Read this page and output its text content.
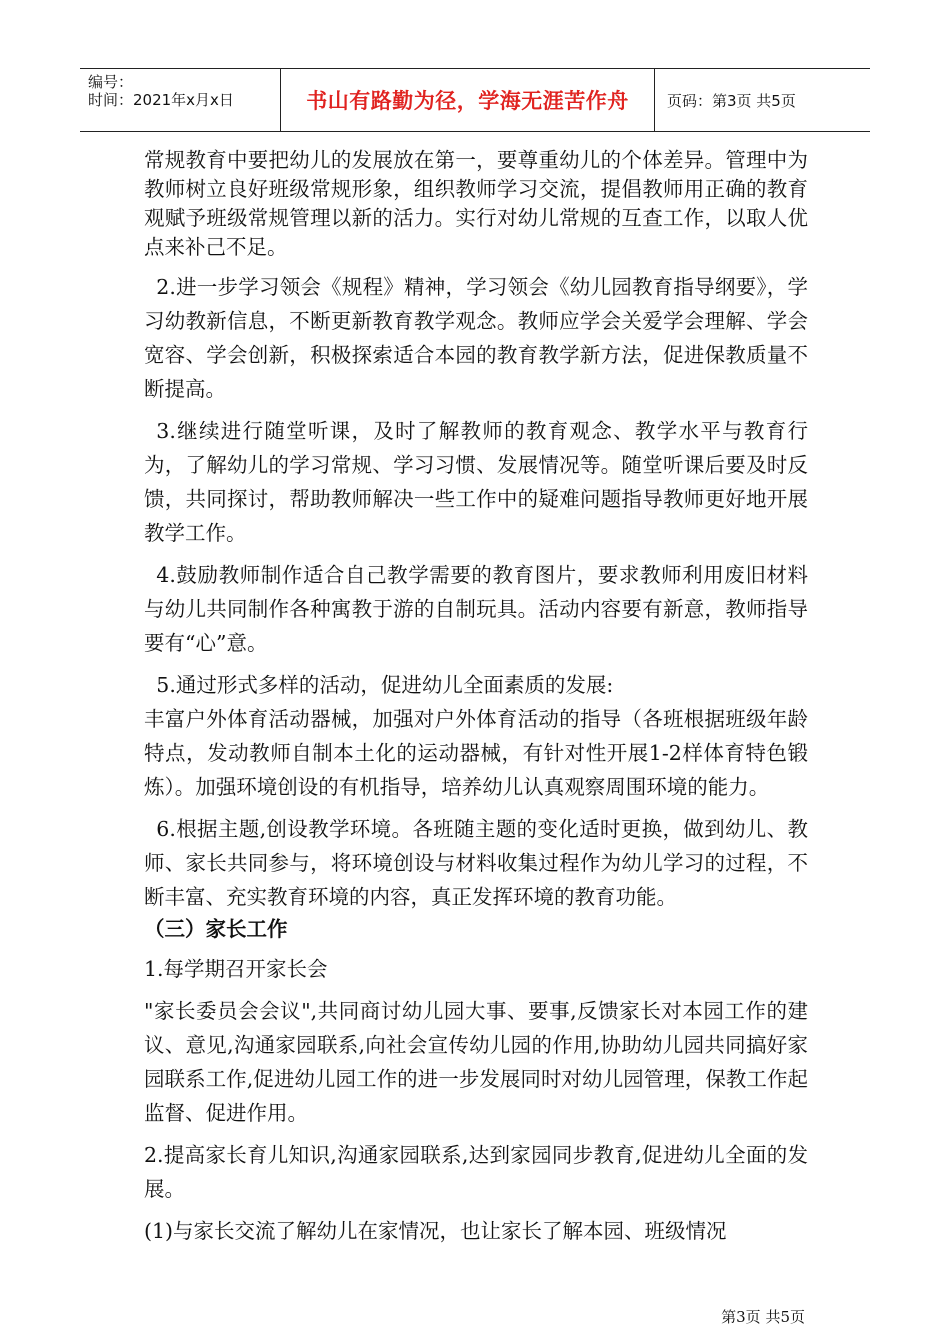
编号：
时间：2021年x月x日	书山有路勤为径，学海无涯苦作舟	页码：第3页 共5页

常规教育中要把幼儿的发展放在第一，要尊重幼儿的个体差异。管理中为教师树立良好班级常规形象，组织教师学习交流，提倡教师用正确的教育观赋予班级常规管理以新的活力。实行对幼儿常规的互查工作，以取人优点来补己不足。

2.进一步学习领会《规程》精神，学习领会《幼儿园教育指导纲要》，学习幼教新信息，不断更新教育教学观念。教师应学会关爱学会理解、学会宽容、学会创新，积极探索适合本园的教育教学新方法，促进保教质量不断提高。

3.继续进行随堂听课，及时了解教师的教育观念、教学水平与教育行为，了解幼儿的学习常规、学习习惯、发展情况等。随堂听课后要及时反馈，共同探讨，帮助教师解决一些工作中的疑难问题指导教师更好地开展教学工作。

4.鼓励教师制作适合自己教学需要的教育图片，要求教师利用废旧材料与幼儿共同制作各种寓教于游的自制玩具。活动内容要有新意，教师指导要有“心”意。

5.通过形式多样的活动，促进幼儿全面素质的发展:

丰富户外体育活动器械，加强对户外体育活动的指导（各班根据班级年龄特点，发动教师自制本土化的运动器械，有针对性开展1-2样体育特色锻炼）。加强环境创设的有机指导，培养幼儿认真观察周围环境的能力。

6.根据主题,创设教学环境。各班随主题的变化适时更换，做到幼儿、教师、家长共同参与，将环境创设与材料收集过程作为幼儿学习的过程，不断丰富、充实教育环境的内容，真正发挥环境的教育功能。

（三）家长工作

1.每学期召开家长会

"家长委员会会议",共同商讨幼儿园大事、要事,反馈家长对本园工作的建议、意见,沟通家园联系,向社会宣传幼儿园的作用,协助幼儿园共同搞好家园联系工作,促进幼儿园工作的进一步发展同时对幼儿园管理，保教工作起监督、促进作用。

2.提高家长育儿知识,沟通家园联系,达到家园同步教育,促进幼儿全面的发展。

(1)与家长交流了解幼儿在家情况，也让家长了解本园、班级情况

第3页 共5页
